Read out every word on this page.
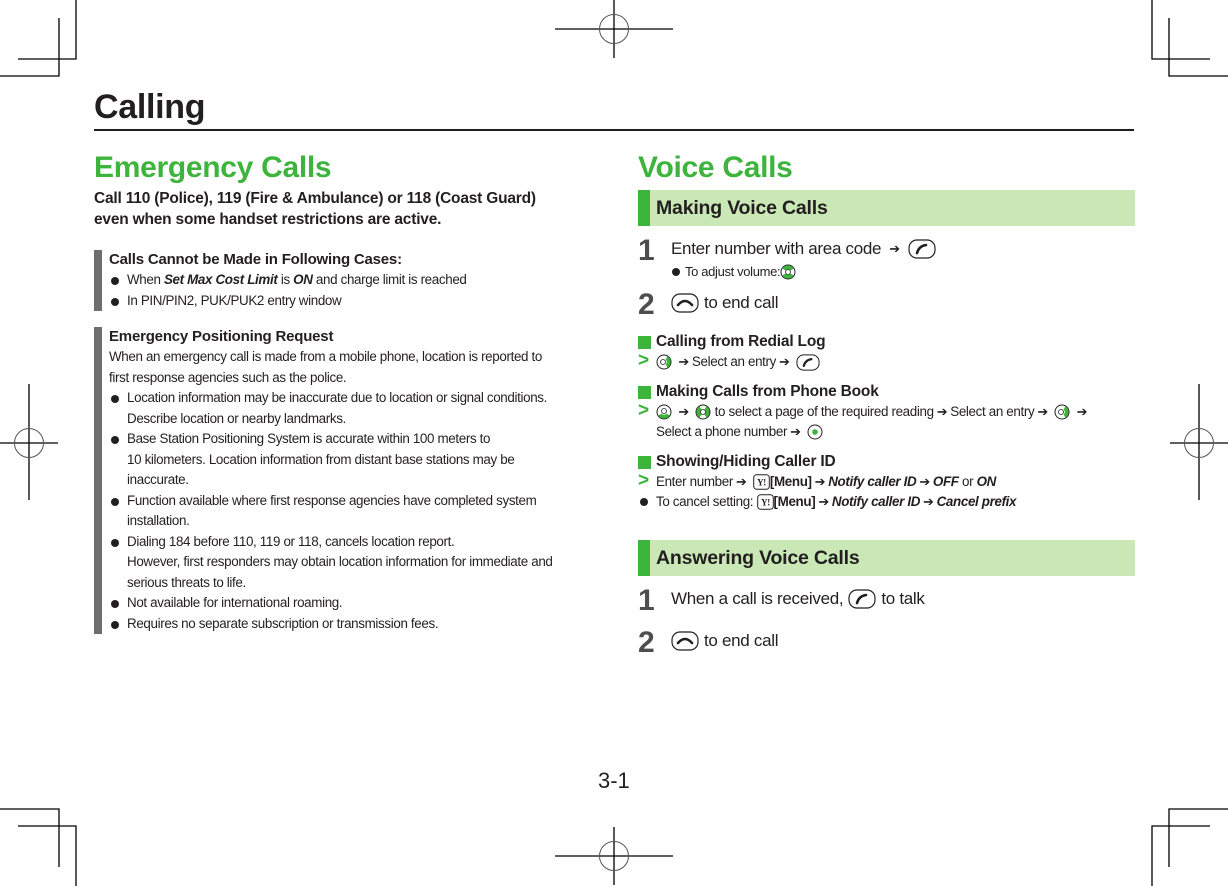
Calling
Emergency Calls
Call 110 (Police), 119 (Fire & Ambulance) or 118 (Coast Guard)
even when some handset restrictions are active.
Calls Cannot be Made in Following Cases:
When Set Max Cost Limit is ON and charge limit is reached
In PIN/PIN2, PUK/PUK2 entry window
Emergency Positioning Request
When an emergency call is made from a mobile phone, location is reported to
first response agencies such as the police.
Location information may be inaccurate due to location or signal conditions.
Describe location or nearby landmarks.
Base Station Positioning System is accurate within 100 meters to
10 kilometers. Location information from distant base stations may be
inaccurate.
Function available where first response agencies have completed system
installation.
Dialing 184 before 110, 119 or 118, cancels location report.
However, first responders may obtain location information for immediate and
serious threats to life.
Not available for international roaming.
Requires no separate subscription or transmission fees.
Voice Calls
Making Voice Calls
1 Enter number with area code ➔
To adjust volume:
2	to end call
Calling from Redial Log
> ➔ Select an entry ➔
Making Calls from Phone Book
> ➔ to select a page of the required reading ➔ Select an entry ➔ ➔
Select a phone number ➔
Showing/Hiding Caller ID
> Enter number ➔ Y! [Menu] ➔ Notify caller ID ➔ OFF or ON
To cancel setting: Y! [Menu] ➔ Notify caller ID ➔ Cancel prefix
Answering Voice Calls
1 When a call is received, to talk
2	to end call
3-1
